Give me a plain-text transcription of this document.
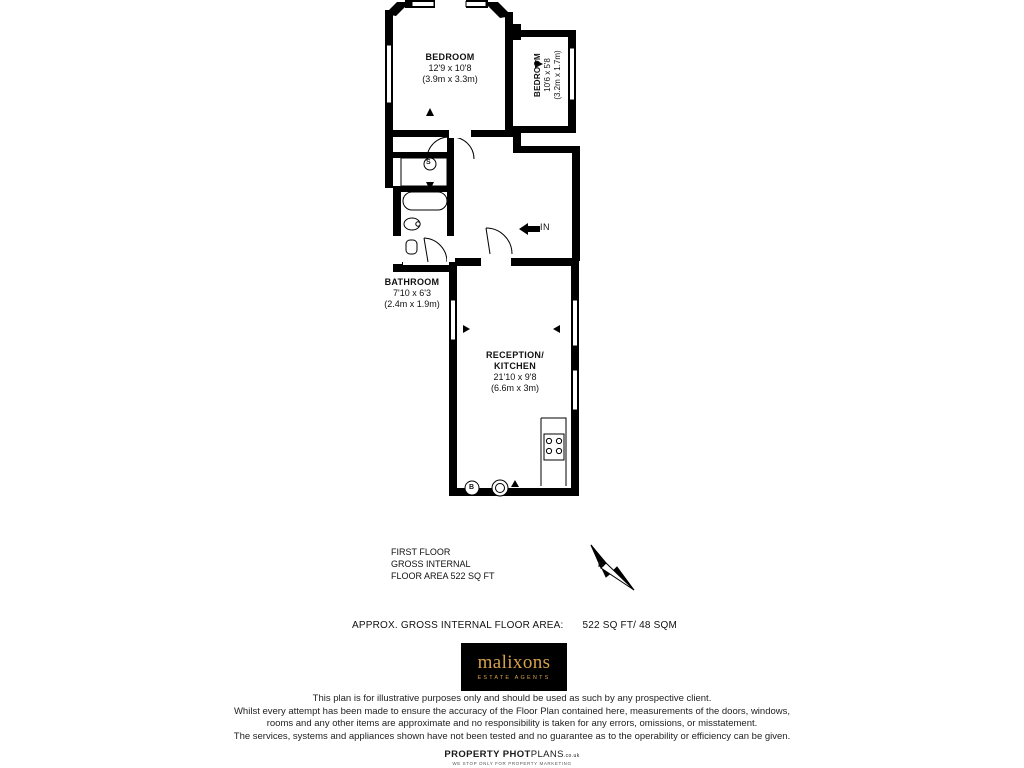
BEDROOM
12'9 x 10'8
(3.9m x 3.3m)	BEDROOM 10'6 x 5'8 (3.2m x 1.7m)
BATHROOM
7'10 x 6'3
(2.4m x 1.9m)
RECEPTION/
KITCHEN
21'10 x 9'8
(6.6m x 3m)
IN
S
B
N
FIRST FLOOR
GROSS INTERNAL
FLOOR AREA 522 SQ FT
APPROX. GROSS INTERNAL FLOOR AREA: 522 SQ FT/ 48 SQM
malixons
ESTATE AGENTS
This plan is for illustrative purposes only and should be used as such by any prospective client.
Whilst every attempt has been made to ensure the accuracy of the Floor Plan contained here, measurements of the doors, windows,
rooms and any other items are approximate and no responsibility is taken for any errors, omissions, or misstatement.
The services, systems and appliances shown have not been tested and no guarantee as to the operability or efficiency can be given.
PROPERTY PHOTPLANS.co.uk
WE STOP ONLY FOR PROPERTY MARKETING
